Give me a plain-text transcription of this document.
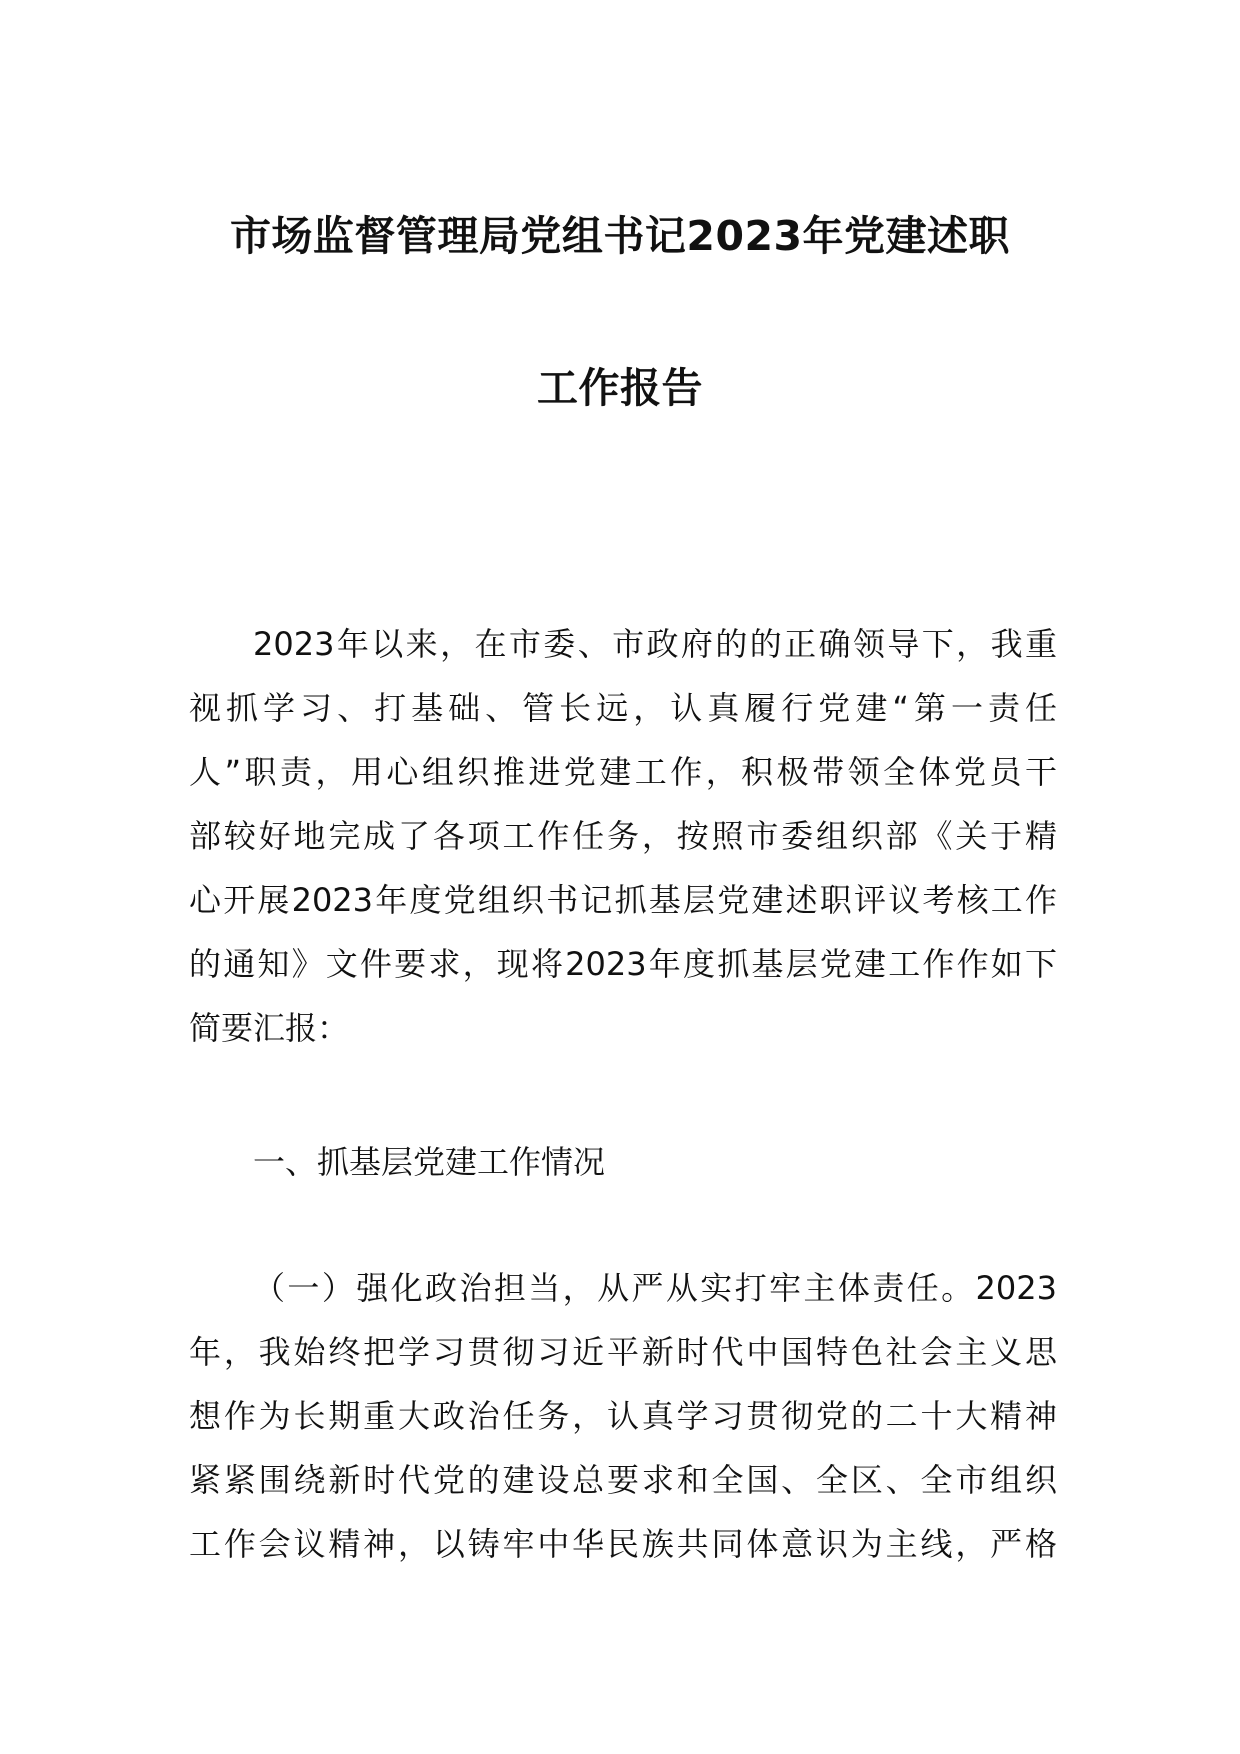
市场监督管理局党组书记2023年党建述职
工作报告
2023年以来，在市委、市政府的的正确领导下，我重
视抓学习、打基础、管长远，认真履行党建“第一责任
人”职责，用心组织推进党建工作，积极带领全体党员干
部较好地完成了各项工作任务，按照市委组织部《关于精
心开展2023年度党组织书记抓基层党建述职评议考核工作
的通知》文件要求，现将2023年度抓基层党建工作作如下
简要汇报：
一、抓基层党建工作情况
（一）强化政治担当，从严从实打牢主体责任。2023
年，我始终把学习贯彻习近平新时代中国特色社会主义思
想作为长期重大政治任务，认真学习贯彻党的二十大精神
紧紧围绕新时代党的建设总要求和全国、全区、全市组织
工作会议精神，以铸牢中华民族共同体意识为主线，严格
